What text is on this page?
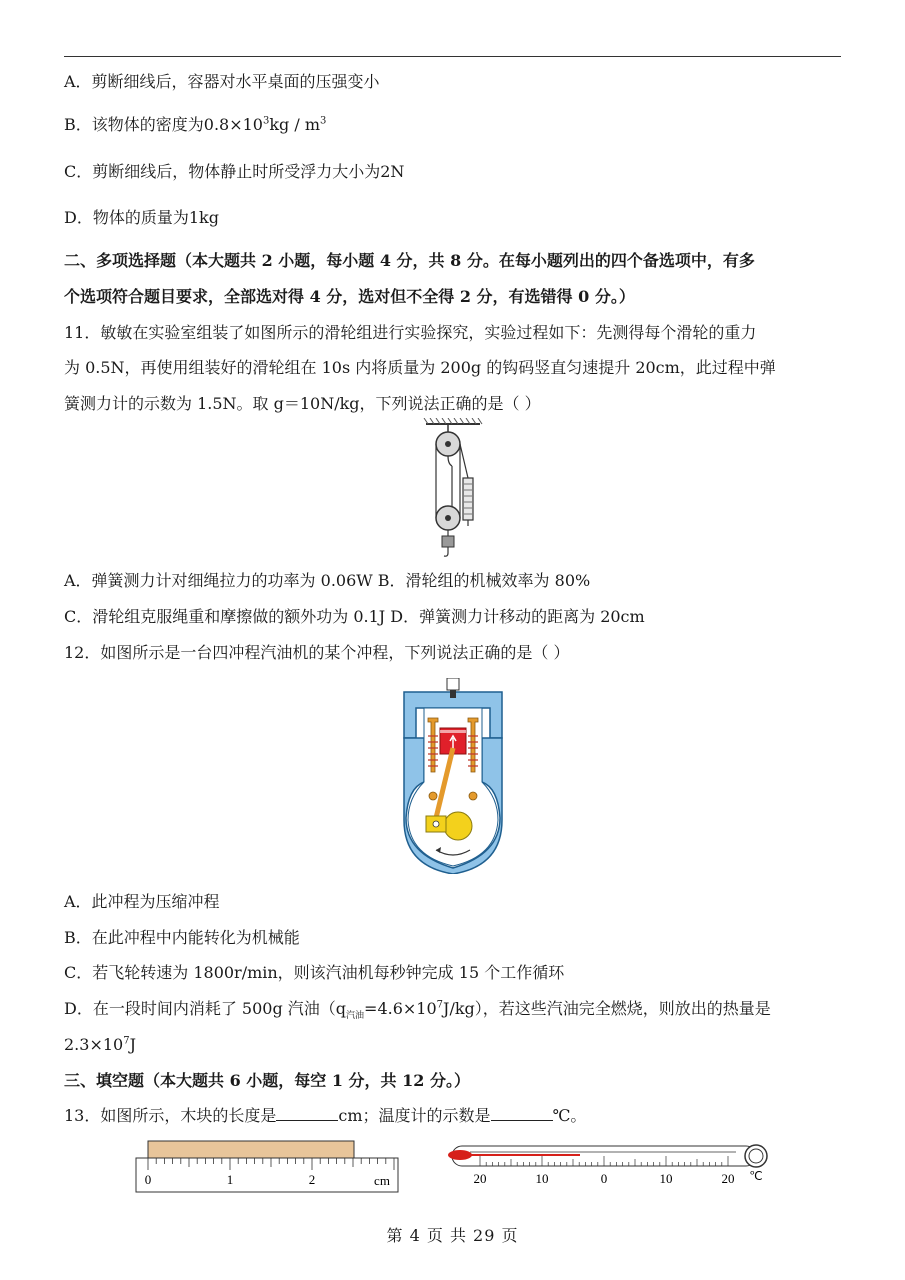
A．剪断细线后，容器对水平桌面的压强变小
B．该物体的密度为$0.8\times 10^3kg / m^3$
C．剪断细线后，物体静止时所受浮力大小为2N
D．物体的质量为1kg
二、多项选择题（本大题共 2 小题，每小题 4 分，共 8 分。在每小题列出的四个备选项中，有多
个选项符合题目要求，全部选对得 4 分，选对但不全得 2 分，有选错得 0 分。）
11．敏敏在实验室组装了如图所示的滑轮组进行实验探究，实验过程如下：先测得每个滑轮的重力
为 0.5N，再使用组装好的滑轮组在 10s 内将质量为 200g 的钩码竖直匀速提升 20cm，此过程中弹
簧测力计的示数为 1.5N。取 g＝10N/kg，下列说法正确的是（ ）
A．弹簧测力计对细绳拉力的功率为 0.06W B．滑轮组的机械效率为 80%
C．滑轮组克服绳重和摩擦做的额外功为 0.1J D．弹簧测力计移动的距离为 20cm
12．如图所示是一台四冲程汽油机的某个冲程，下列说法正确的是（ ）
A．此冲程为压缩冲程
B．在此冲程中内能转化为机械能
C．若飞轮转速为 1800r/min，则该汽油机每秒钟完成 15 个工作循环
D．在一段时间内消耗了 500g 汽油$(q_{汽油}=4.6\times 10^7J/kg)$，若这些汽油完全燃烧，则放出的热量是
$2.3\times 10^7J$
三、填空题（本大题共 6 小题，每空 1 分，共 12 分。）
13．如图所示，木块的长度是	cm；温度计的示数是	℃。
0	1	2	cm	20	10	0	10	20 ℃
第 4 页 共 29 页
